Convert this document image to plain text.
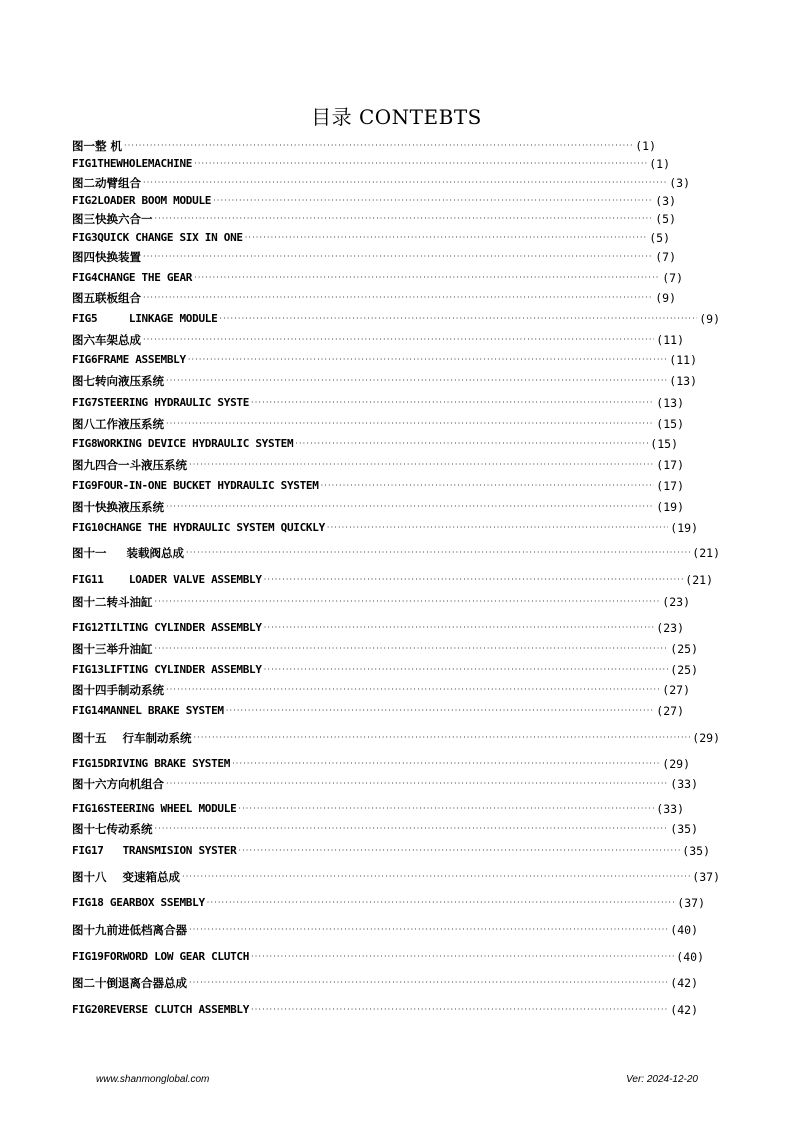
目录 CONTEBTS
图一整 机 ·····	(1)
FIG1THEWHOLEMACHINE ·····	(1)
图二动臂组合 ·····	(3)
FIG2LOADER BOOM MODULE ·····	(3)
图三快换六合一 ·····	(5)
FIG3QUICK CHANGE SIX IN ONE ·····	(5)
图四快换装置 ·····	(7)
FIG4CHANGE THE GEAR ·····	(7)
图五联板组合 ·····	(9)
FIG5     LINKAGE MODULE ·····	(9)
图六车架总成 ·····	(11)
FIG6FRAME ASSEMBLY ·····	(11)
图七转向液压系统 ·····	(13)
FIG7STEERING HYDRAULIC SYSTE ·····	(13)
图八工作液压系统 ·····	(15)
FIG8WORKING DEVICE HYDRAULIC SYSTEM ·····	(15)
图九四合一斗液压系统 ·····	(17)
FIG9FOUR-IN-ONE BUCKET HYDRAULIC SYSTEM ·····	(17)
图十快换液压系统 ·····	(19)
FIG10CHANGE THE HYDRAULIC SYSTEM QUICKLY ·····	(19)
图十一     装载阀总成 ·····	(21)
FIG11    LOADER VALVE ASSEMBLY ·····	(21)
图十二转斗油缸 ·····	(23)
FIG12TILTING CYLINDER ASSEMBLY ·····	(23)
图十三举升油缸 ·····	(25)
FIG13LIFTING CYLINDER ASSEMBLY ·····	(25)
图十四手制动系统 ·····	(27)
FIG14MANNEL BRAKE SYSTEM ·····	(27)
图十五    行车制动系统 ·····	(29)
FIG15DRIVING BRAKE SYSTEM ·····	(29)
图十六方向机组合 ·····	(33)
FIG16STEERING WHEEL MODULE ·····	(33)
图十七传动系统 ·····	(35)
FIG17   TRANSMISION SYSTER ·····	(35)
图十八    变速箱总成 ·····	(37)
FIG18 GEARBOX SSEMBLY ·····	(37)
图十九前进低档离合器 ·····	(40)
FIG19FORWORD LOW GEAR CLUTCH ·····	(40)
图二十倒退离合器总成 ·····	(42)
FIG20REVERSE CLUTCH ASSEMBLY ·····	(42)
www.shanmonglobal.com	Ver: 2024-12-20
